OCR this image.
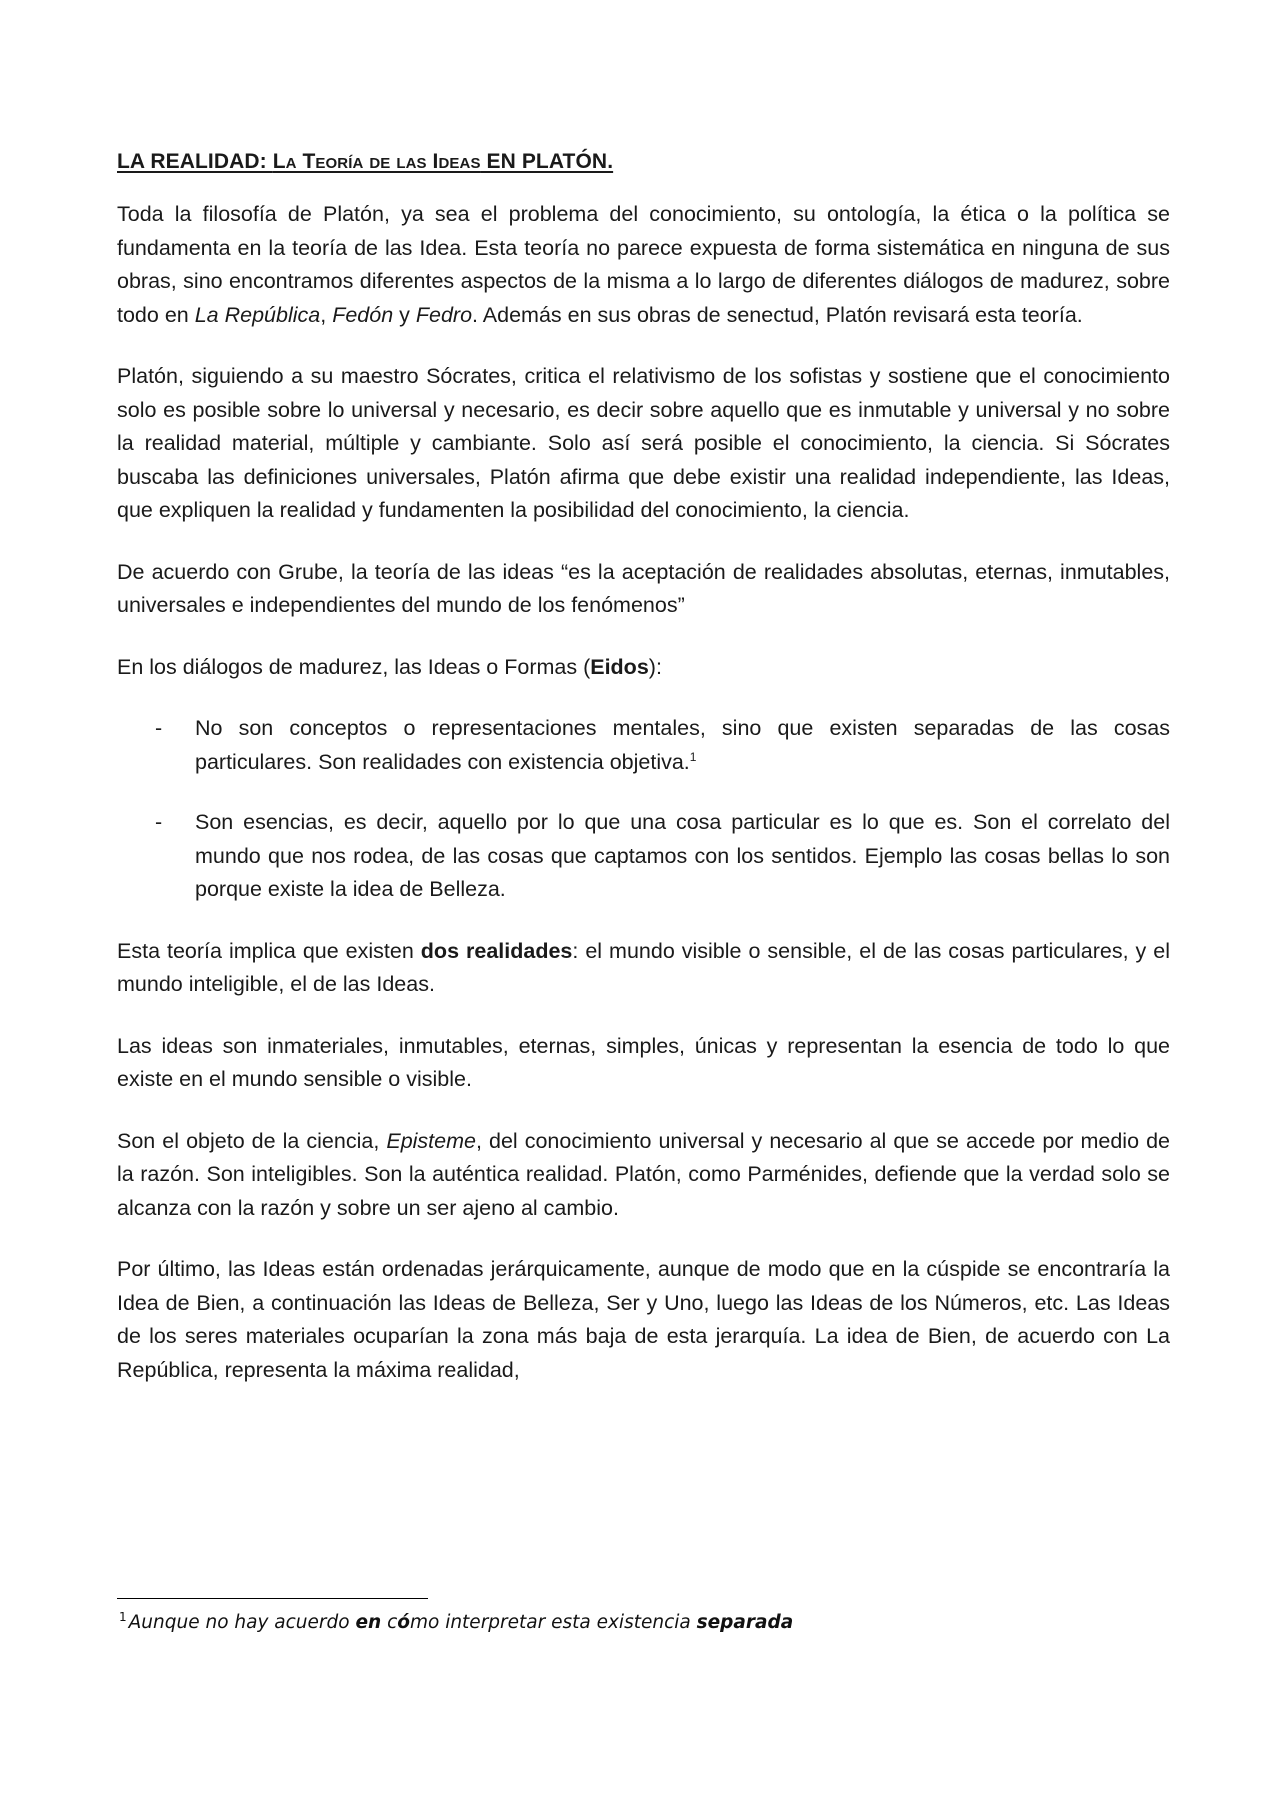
LA REALIDAD: La Teoría de las Ideas EN PLATÓN.

Toda la filosofía de Platón, ya sea el problema del conocimiento, su ontología, la ética o la política se fundamenta en la teoría de las Idea. Esta teoría no parece expuesta de forma sistemática en ninguna de sus obras, sino encontramos diferentes aspectos de la misma a lo largo de diferentes diálogos de madurez, sobre todo en La República, Fedón y Fedro. Además en sus obras de senectud, Platón revisará esta teoría.

Platón, siguiendo a su maestro Sócrates, critica el relativismo de los sofistas y sostiene que el conocimiento solo es posible sobre lo universal y necesario, es decir sobre aquello que es inmutable y universal y no sobre la realidad material, múltiple y cambiante. Solo así será posible el conocimiento, la ciencia. Si Sócrates buscaba las definiciones universales, Platón afirma que debe existir una realidad independiente, las Ideas, que expliquen la realidad y fundamenten la posibilidad del conocimiento, la ciencia.

De acuerdo con Grube, la teoría de las ideas “es la aceptación de realidades absolutas, eternas, inmutables, universales e independientes del mundo de los fenómenos”

En los diálogos de madurez, las Ideas o Formas (Eidos):

- No son conceptos o representaciones mentales, sino que existen separadas de las cosas particulares. Son realidades con existencia objetiva.$^1$
- Son esencias, es decir, aquello por lo que una cosa particular es lo que es. Son el correlato del mundo que nos rodea, de las cosas que captamos con los sentidos. Ejemplo las cosas bellas lo son porque existe la idea de Belleza.

Esta teoría implica que existen dos realidades: el mundo visible o sensible, el de las cosas particulares, y el mundo inteligible, el de las Ideas.

Las ideas son inmateriales, inmutables, eternas, simples, únicas y representan la esencia de todo lo que existe en el mundo sensible o visible.

Son el objeto de la ciencia, Episteme, del conocimiento universal y necesario al que se accede por medio de la razón. Son inteligibles. Son la auténtica realidad. Platón, como Parménides, defiende que la verdad solo se alcanza con la razón y sobre un ser ajeno al cambio.

Por último, las Ideas están ordenadas jerárquicamente, aunque de modo que en la cúspide se encontraría la Idea de Bien, a continuación las Ideas de Belleza, Ser y Uno, luego las Ideas de los Números, etc. Las Ideas de los seres materiales ocuparían la zona más baja de esta jerarquía. La idea de Bien, de acuerdo con La República, representa la máxima realidad,

$^1$ Aunque no hay acuerdo en cómo interpretar esta existencia separada
